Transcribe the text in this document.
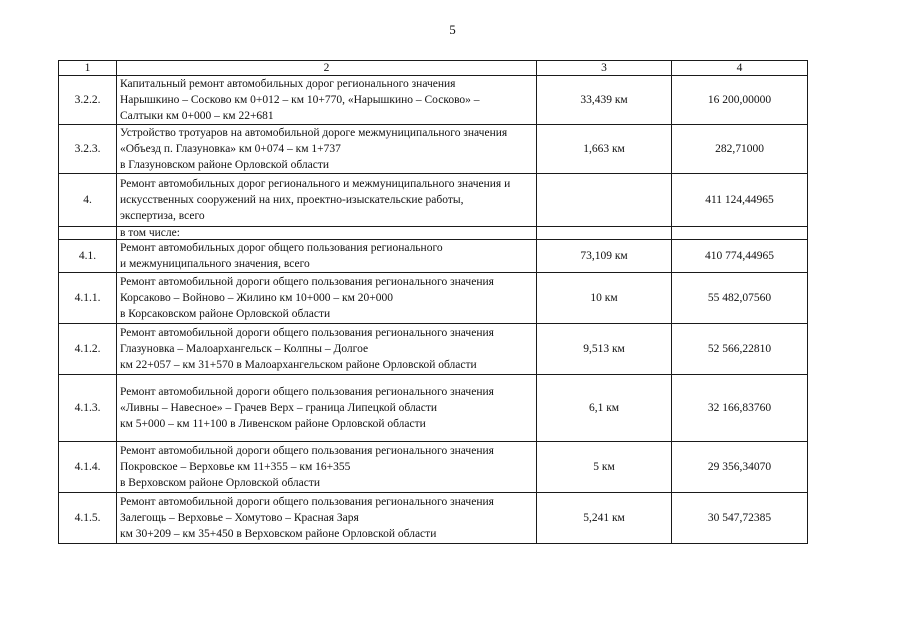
5
1	2	3	4
3.2.2.	Капитальный ремонт автомобильных дорог регионального значения
Нарышкино – Сосково км 0+012 – км 10+770, «Нарышкино – Сосково» –
Салтыки км 0+000 – км 22+681	33,439 км	16 200,00000
3.2.3.	Устройство тротуаров на автомобильной дороге межмуниципального значения
«Объезд п. Глазуновка» км 0+074 – км 1+737
в Глазуновском районе Орловской области	1,663 км	282,71000
4.	Ремонт автомобильных дорог регионального и межмуниципального значения и
искусственных сооружений на них, проектно-изыскательские работы,
экспертиза, всего		411 124,44965

	в том числе:		

4.1.	Ремонт автомобильных дорог общего пользования регионального
и межмуниципального значения, всего	73,109 км	410 774,44965
4.1.1.	Ремонт автомобильной дороги общего пользования регионального значения
Корсаково – Войново – Жилино км 10+000 – км 20+000
в Корсаковском районе Орловской области	10 км	55 482,07560
4.1.2.	Ремонт автомобильной дороги общего пользования регионального значения
Глазуновка – Малоархангельск – Колпны – Долгое
км 22+057 – км 31+570 в Малоархангельском районе Орловской области	9,513 км	52 566,22810
4.1.3.	Ремонт автомобильной дороги общего пользования регионального значения
«Ливны – Навесное» – Грачев Верх – граница Липецкой области
км 5+000 – км 11+100 в Ливенском районе Орловской области	6,1 км	32 166,83760
4.1.4.	Ремонт автомобильной дороги общего пользования регионального значения
Покровское – Верховье км 11+355 – км 16+355
в Верховском районе Орловской области	5 км	29 356,34070
4.1.5.	Ремонт автомобильной дороги общего пользования регионального значения
Залегощь – Верховье – Хомутово – Красная Заря
км 30+209 – км 35+450 в Верховском районе Орловской области	5,241 км	30 547,72385
